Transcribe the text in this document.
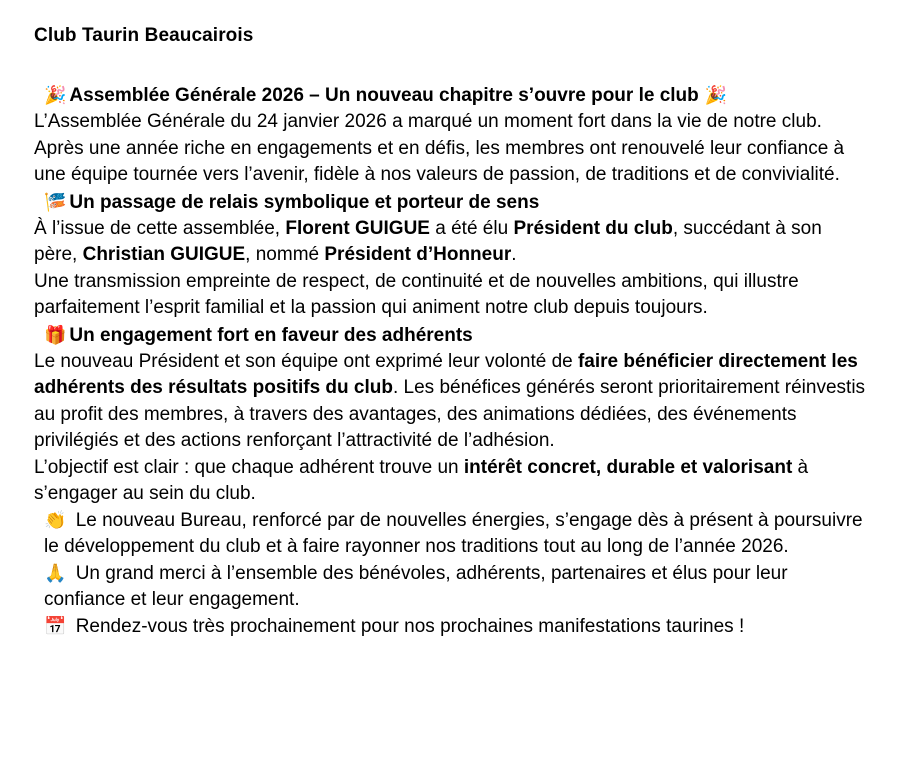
Club Taurin Beaucairois
🎉 Assemblée Générale 2026 – Un nouveau chapitre s’ouvre pour le club 🎉

L’Assemblée Générale du 24 janvier 2026 a marqué un moment fort dans la vie de notre club. Après une année riche en engagements et en défis, les membres ont renouvelé leur confiance à une équipe tournée vers l’avenir, fidèle à nos valeurs de passion, de traditions et de convivialité.

🎏 Un passage de relais symbolique et porteur de sens

À l’issue de cette assemblée, Florent GUIGUE a été élu Président du club, succédant à son père, Christian GUIGUE, nommé Président d’Honneur.

Une transmission empreinte de respect, de continuité et de nouvelles ambitions, qui illustre parfaitement l’esprit familial et la passion qui animent notre club depuis toujours.

🎁 Un engagement fort en faveur des adhérents

Le nouveau Président et son équipe ont exprimé leur volonté de faire bénéficier directement les adhérents des résultats positifs du club. Les bénéfices générés seront prioritairement réinvestis au profit des membres, à travers des avantages, des animations dédiées, des événements privilégiés et des actions renforçant l’attractivité de l’adhésion.

L’objectif est clair : que chaque adhérent trouve un intérêt concret, durable et valorisant à s’engager au sein du club.

👏 Le nouveau Bureau, renforcé par de nouvelles énergies, s’engage dès à présent à poursuivre le développement du club et à faire rayonner nos traditions tout au long de l’année 2026.
🙏 Un grand merci à l’ensemble des bénévoles, adhérents, partenaires et élus pour leur confiance et leur engagement.
📅 Rendez-vous très prochainement pour nos prochaines manifestations taurines !
